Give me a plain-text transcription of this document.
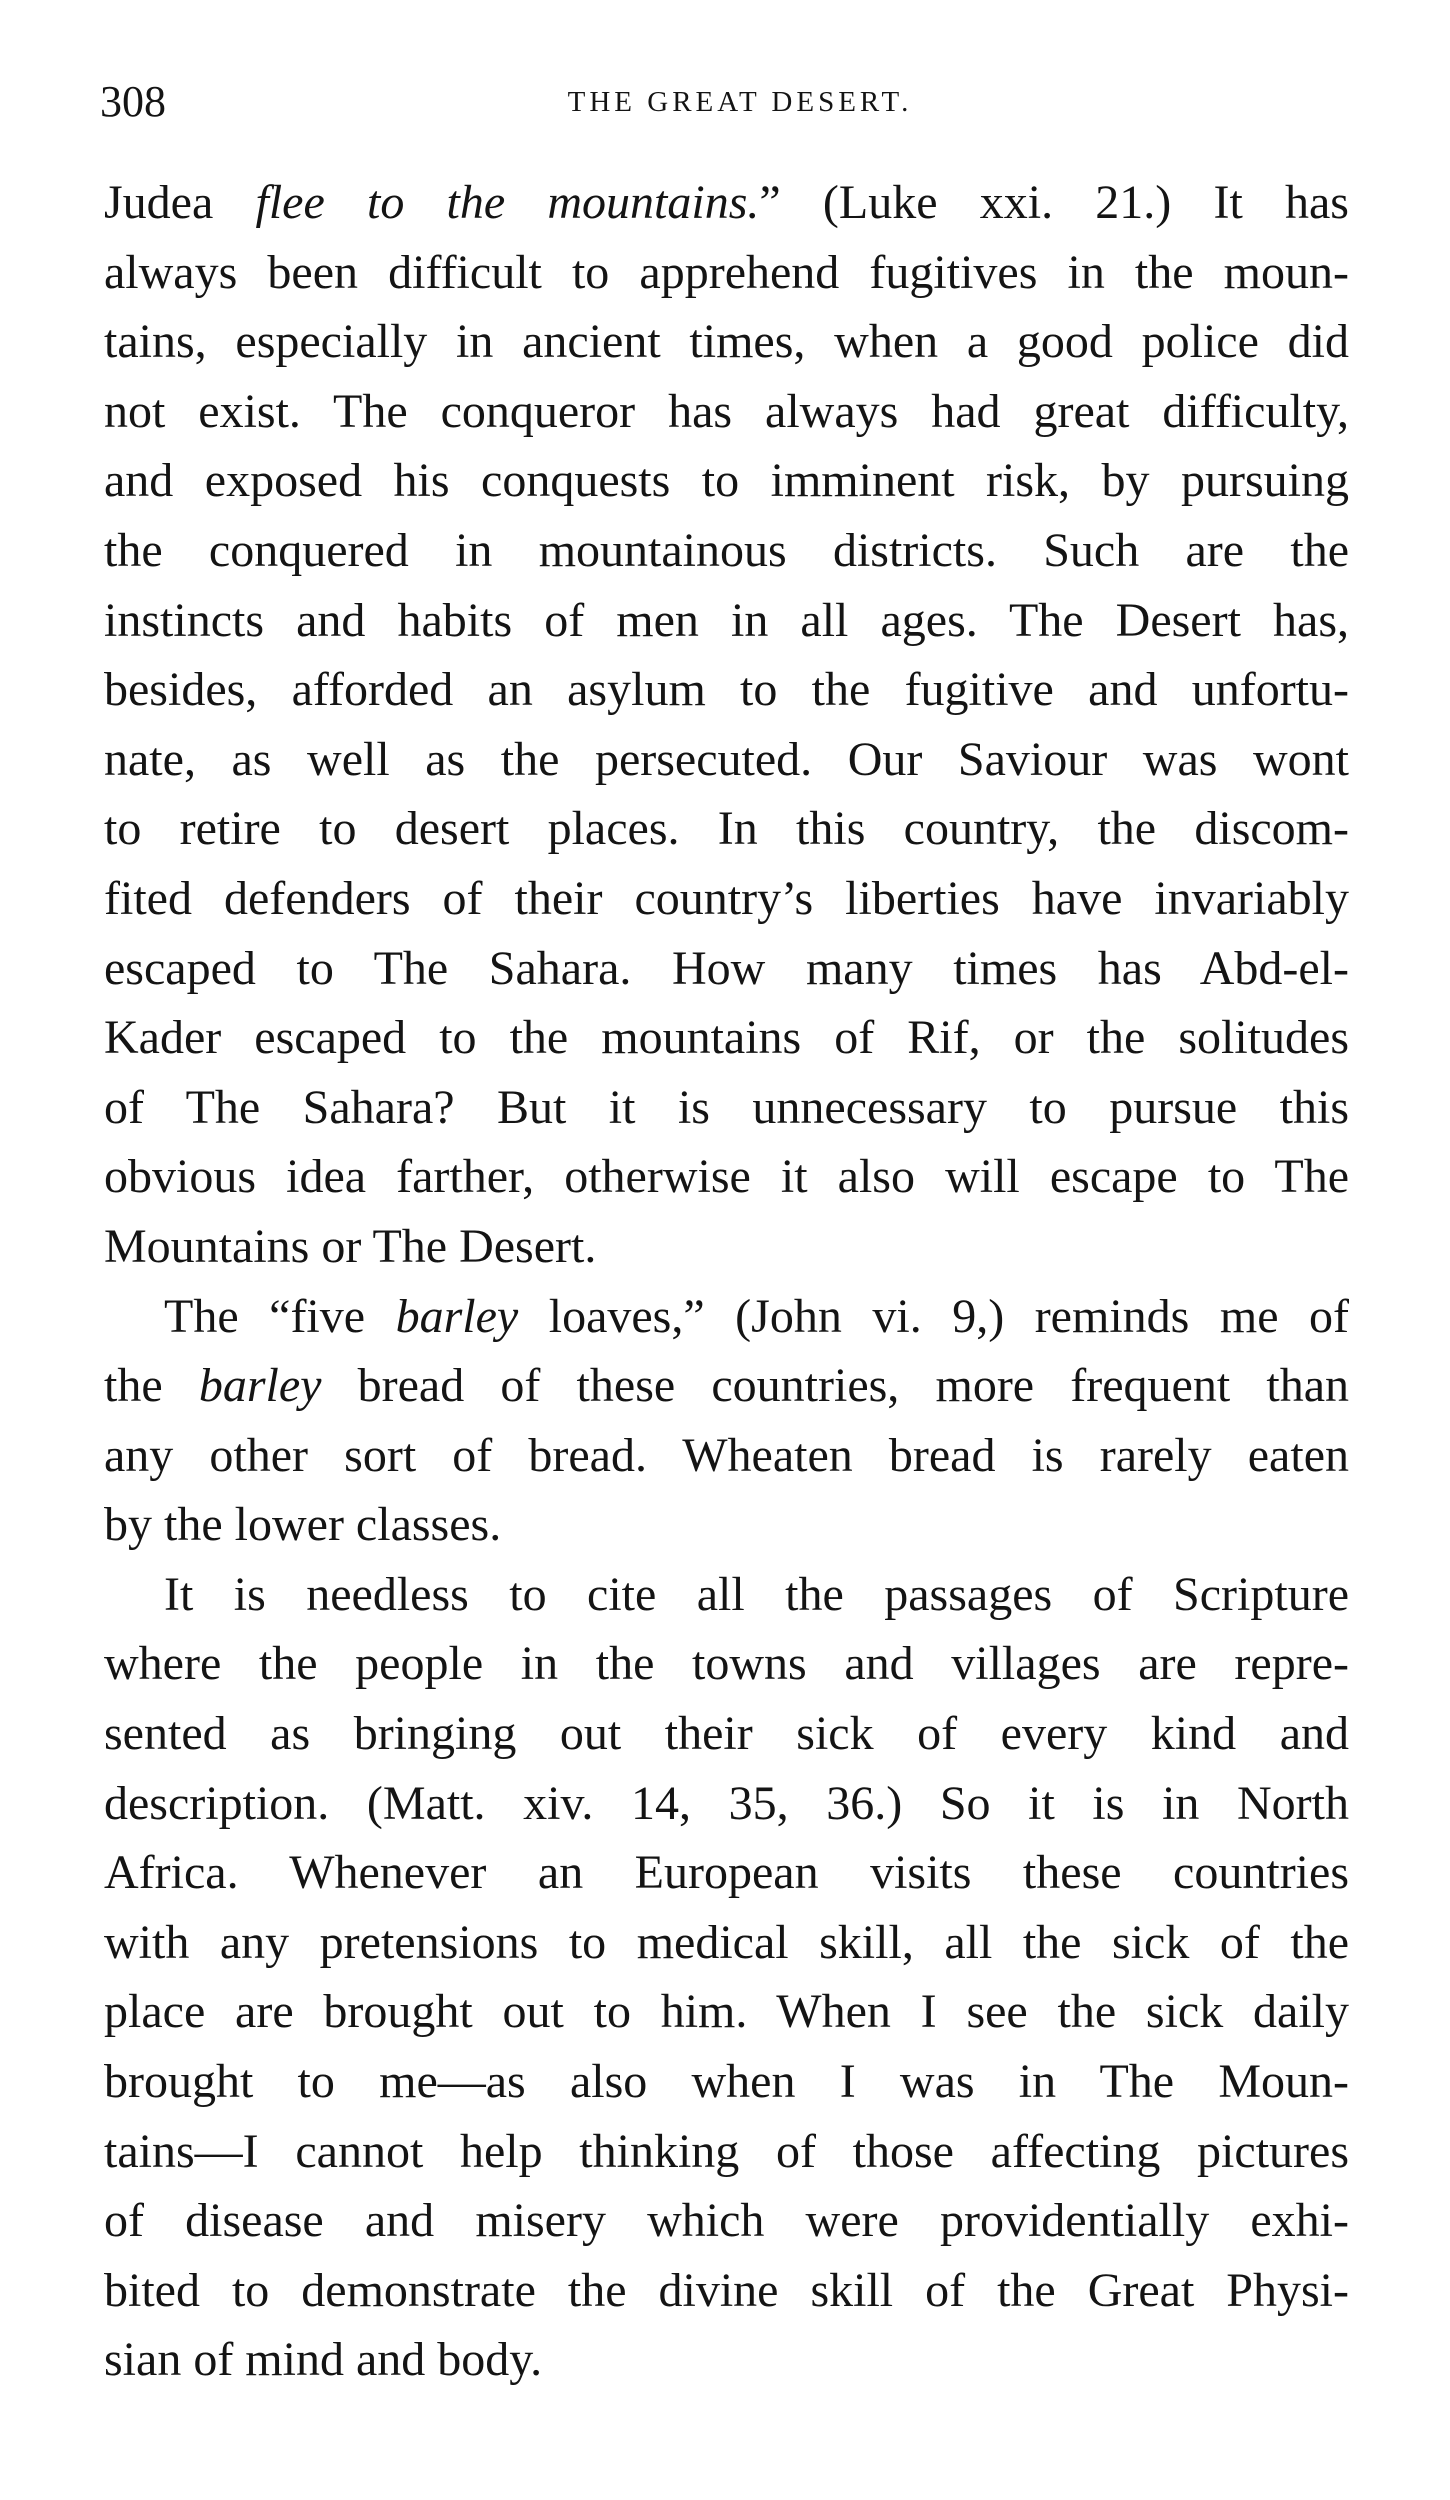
308	THE GREAT DESERT.
Judea flee to the mountains.” (Luke xxi. 21.) It has
always been difficult to apprehend fugitives in the moun-
tains, especially in ancient times, when a good police did
not exist. The conqueror has always had great difficulty,
and exposed his conquests to imminent risk, by pursuing
the conquered in mountainous districts. Such are the
instincts and habits of men in all ages. The Desert has,
besides, afforded an asylum to the fugitive and unfortu-
nate, as well as the persecuted. Our Saviour was wont
to retire to desert places. In this country, the discom-
fited defenders of their country’s liberties have invariably
escaped to The Sahara. How many times has Abd-el-
Kader escaped to the mountains of Rif, or the solitudes
of The Sahara? But it is unnecessary to pursue this
obvious idea farther, otherwise it also will escape to The
Mountains or The Desert.
The “five barley loaves,” (John vi. 9,) reminds me of
the barley bread of these countries, more frequent than
any other sort of bread. Wheaten bread is rarely eaten
by the lower classes.
It is needless to cite all the passages of Scripture
where the people in the towns and villages are repre-
sented as bringing out their sick of every kind and
description. (Matt. xiv. 14, 35, 36.) So it is in North
Africa. Whenever an European visits these countries
with any pretensions to medical skill, all the sick of the
place are brought out to him. When I see the sick daily
brought to me—as also when I was in The Moun-
tains—I cannot help thinking of those affecting pictures
of disease and misery which were providentially exhi-
bited to demonstrate the divine skill of the Great Physi-
sian of mind and body.
